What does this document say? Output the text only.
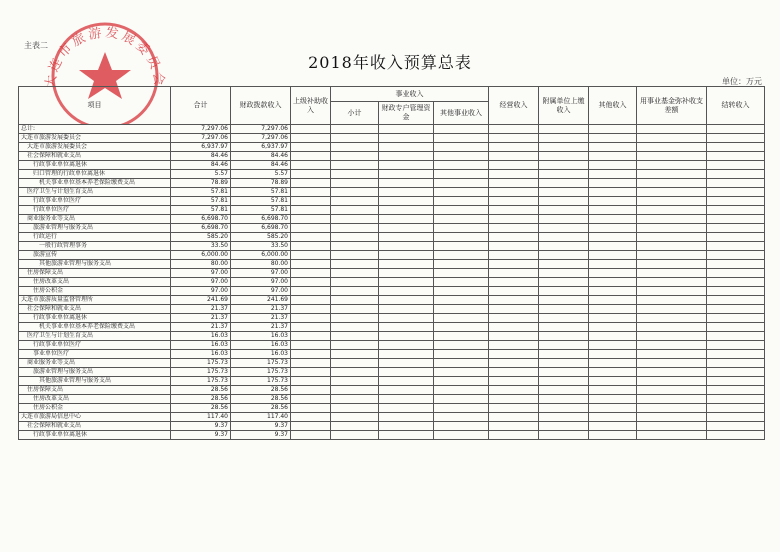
主表二
2018年收入预算总表
单位：万元
大连市旅游发展委员会
项目	合计	财政拨款收入	上级补助收入	事业收入			经营收入	附属单位上缴收入	其他收入	用事业基金弥补收支差额	结转收入
				小计	财政专户管理资金	其他事业收入					
总计:	7,297.06	7,297.06									
大连市旅游发展委员会	7,297.06	7,297.06									
大连市旅游发展委员会	6,937.97	6,937.97									
社会保障和就业支出	84.46	84.46									
行政事业单位离退休	84.46	84.46									
归口管理的行政单位离退休	5.57	5.57									
机关事业单位基本养老保险缴费支出	78.89	78.89									
医疗卫生与计划生育支出	57.81	57.81									
行政事业单位医疗	57.81	57.81									
行政单位医疗	57.81	57.81									
商业服务业等支出	6,698.70	6,698.70									
旅游业管理与服务支出	6,698.70	6,698.70									
行政运行	585.20	585.20									
一般行政管理事务	33.50	33.50									
旅游宣传	6,000.00	6,000.00									
其他旅游业管理与服务支出	80.00	80.00									
住房保障支出	97.00	97.00									
住房改革支出	97.00	97.00									
住房公积金	97.00	97.00									
大连市旅游质量监督管理所	241.69	241.69									
社会保障和就业支出	21.37	21.37									
行政事业单位离退休	21.37	21.37									
机关事业单位基本养老保险缴费支出	21.37	21.37									
医疗卫生与计划生育支出	16.03	16.03									
行政事业单位医疗	16.03	16.03									
事业单位医疗	16.03	16.03									
商业服务业等支出	175.73	175.73									
旅游业管理与服务支出	175.73	175.73									
其他旅游业管理与服务支出	175.73	175.73									
住房保障支出	28.56	28.56									
住房改革支出	28.56	28.56									
住房公积金	28.56	28.56									
大连市旅游局信息中心	117.40	117.40									
社会保障和就业支出	9.37	9.37									
行政事业单位离退休	9.37	9.37									
